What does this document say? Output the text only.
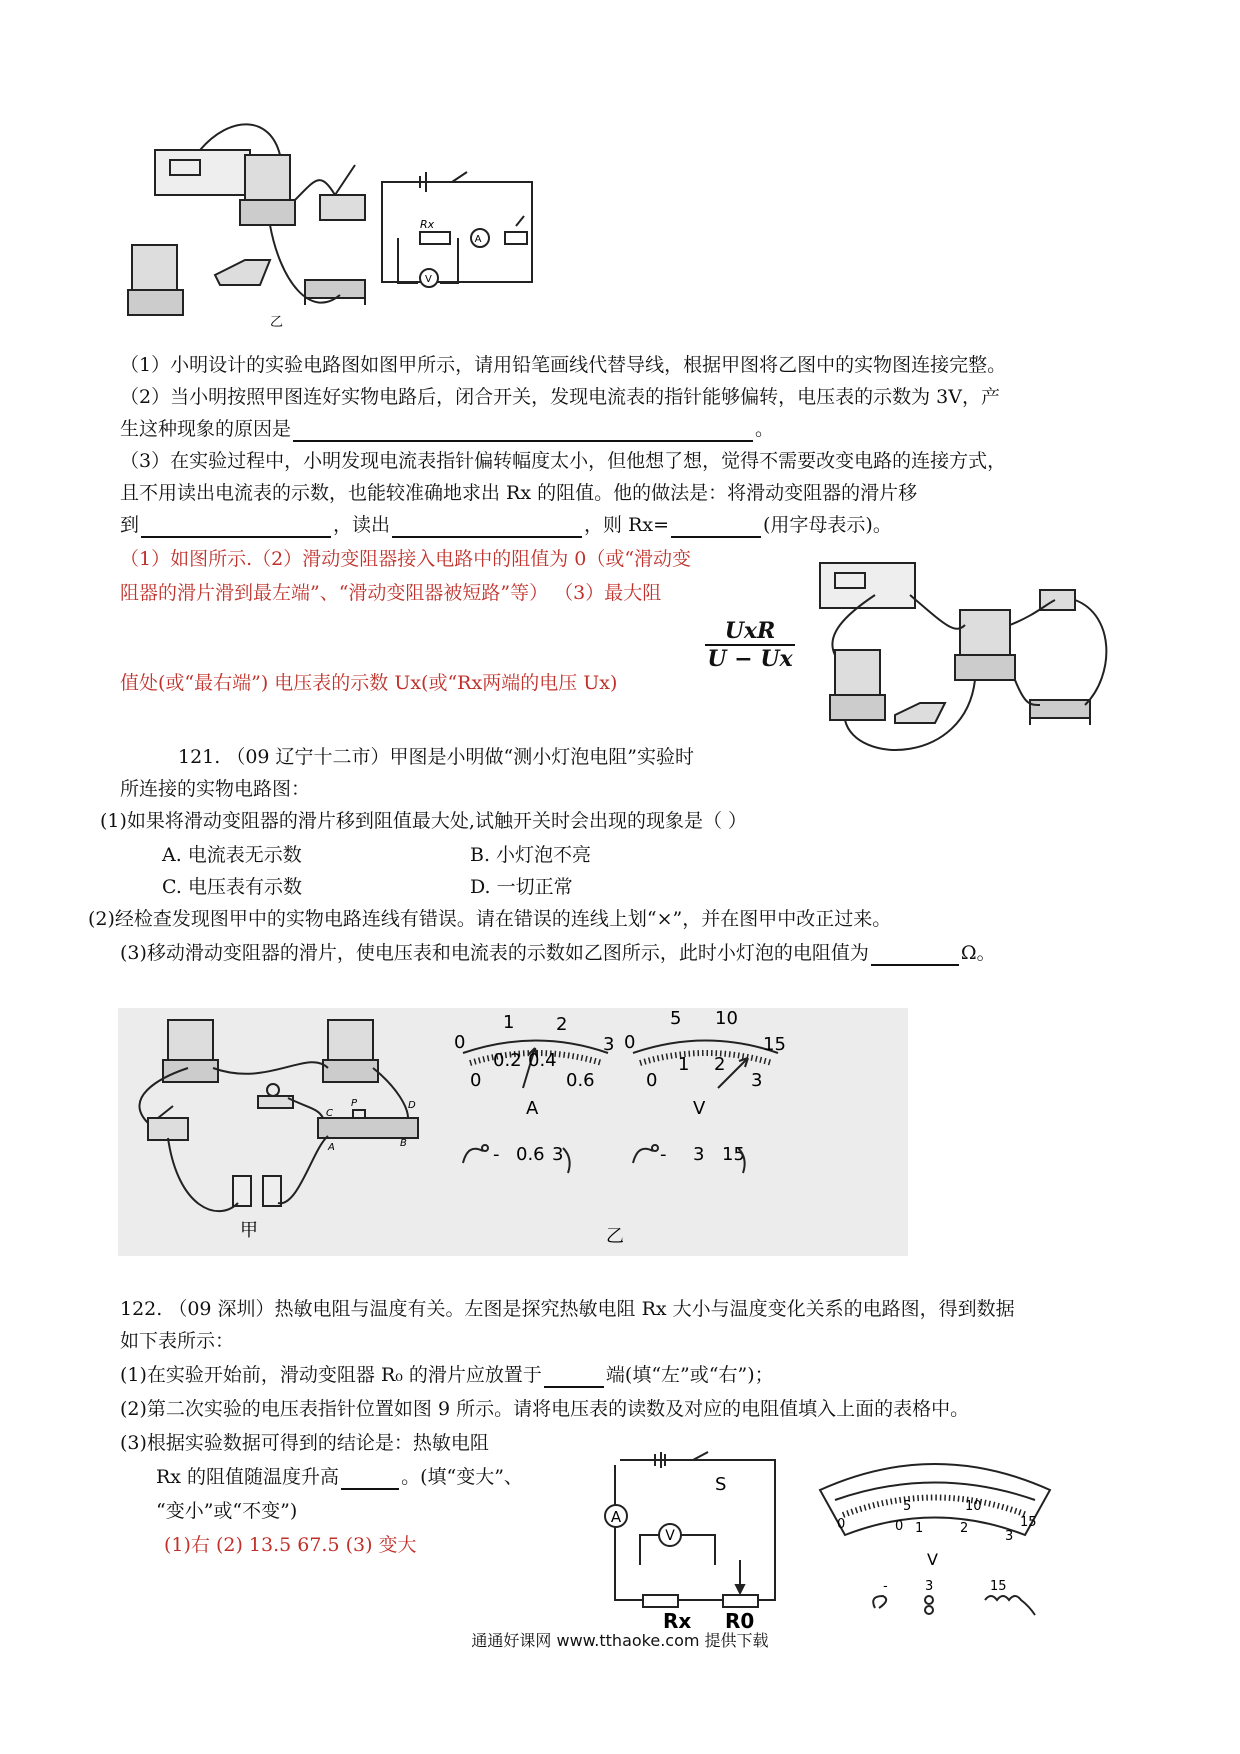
A
V
Rx
乙
（1）小明设计的实验电路图如图甲所示，请用铅笔画线代替导线，根据甲图将乙图中的实物图连接完整。
（2）当小明按照甲图连好实物电路后，闭合开关，发现电流表的指针能够偏转，电压表的示数为 3V，产
生这种现象的原因是	。
（3）在实验过程中，小明发现电流表指针偏转幅度太小，但他想了想，觉得不需要改变电路的连接方式，
且不用读出电流表的示数，也能较准确地求出 Rx 的阻值。他的做法是：将滑动变阻器的滑片移
到	，读出	，则 Rx=	(用字母表示)。
（1）如图所示.（2）滑动变阻器接入电路中的阻值为 0（或“滑动变
阻器的滑片滑到最左端”、“滑动变阻器被短路”等） （3）最大阻
值处(或“最右端”) 电压表的示数 Ux(或“Rx两端的电压 Ux)
UxR
U − Ux
121. （09 辽宁十二市）甲图是小明做“测小灯泡电阻”实验时
所连接的实物电路图：
(1)如果将滑动变阻器的滑片移到阻值最大处,试触开关时会出现的现象是（ ）
A. 电流表无示数	B. 小灯泡不亮
C. 电压表有示数	D. 一切正常
(2)经检查发现图甲中的实物电路连线有错误。请在错误的连线上划“×”，并在图甲中改正过来。
(3)移动滑动变阻器的滑片，使电压表和电流表的示数如乙图所示，此时小灯泡的电阻值为	Ω。
C
P
A	B
D
甲	乙
0
1 2
3
0
0.2 0.4
0.6
A
- 0.6 3
0
5 10
15
0
1 2
3
V
- 3 15
122. （09 深圳）热敏电阻与温度有关。左图是探究热敏电阻 Rx 大小与温度变化关系的电路图，得到数据
如下表所示：
(1)在实验开始前，滑动变阻器 R₀ 的滑片应放置于	端(填“左”或“右”)；
(2)第二次实验的电压表指针位置如图 9 所示。请将电压表的读数及对应的电阻值填入上面的表格中。
(3)根据实验数据可得到的结论是：热敏电阻
Rx 的阻值随温度升高	。(填“变大”、
“变小”或“不变”)
(1)右 (2) 13.5 67.5 (3) 变大
A
V
S
Rx R0
0
5	10
15
0 1	2
3
V
-	3	15
通通好课网 www.tthaoke.com 提供下载
